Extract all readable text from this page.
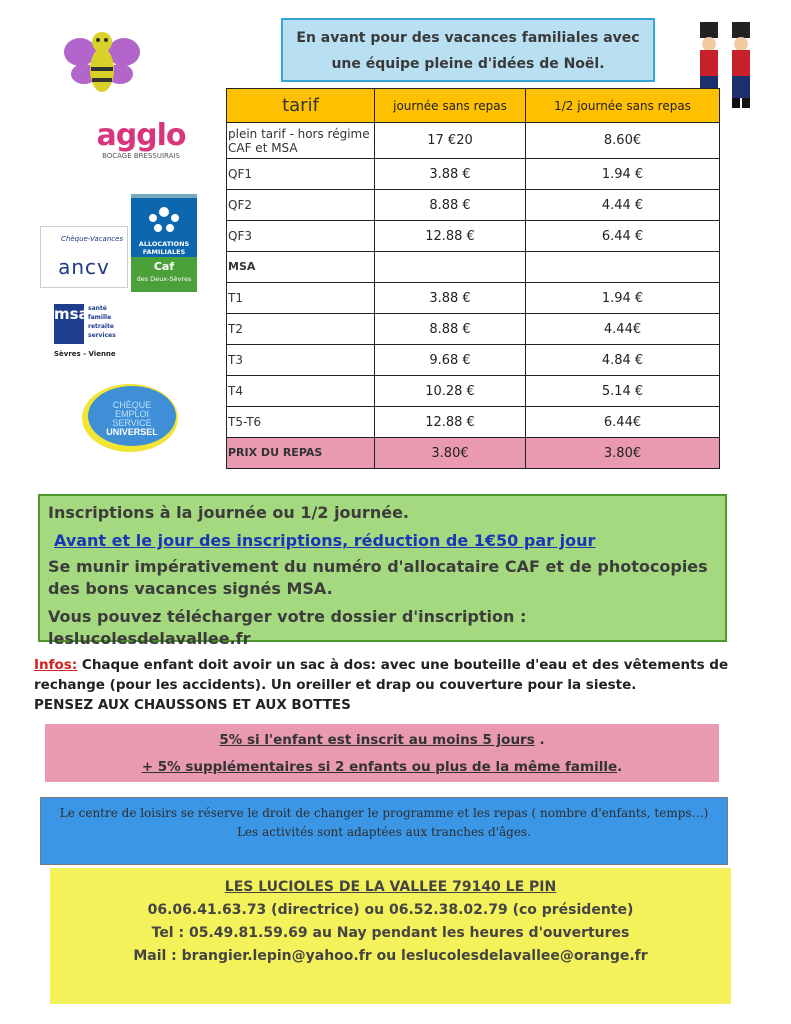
En avant pour des vacances familiales avec
une équipe pleine d'idées de Noël.
agglo
BOCAGE BRESSUIRAIS
ALLOCATIONS FAMILIALES
Caf
des Deux-Sèvres
Chèque-Vacances
ancv
msa santé
famille
retraite
services
Sèvres - Vienne
CHÈQUE
EMPLOI
SERVICE
UNIVERSEL
tarif	journée sans repas	1/2 journée sans repas
plein tarif - hors régime CAF et MSA	17 €20	8.60€
QF1	3.88 €	1.94 €
QF2	8.88 €	4.44 €
QF3	12.88 €	6.44 €
MSA		
T1	3.88 €	1.94 €
T2	8.88 €	4.44€
T3	9.68 €	4.84 €
T4	10.28 €	5.14 €
T5-T6	12.88 €	6.44€
PRIX DU REPAS	3.80€	3.80€

Inscriptions à la journée ou 1/2 journée.

Avant et le jour des inscriptions, réduction de 1€50 par jour

Se munir impérativement du numéro d'allocataire CAF et de photocopies des bons vacances signés MSA.

Vous pouvez télécharger votre dossier d'inscription : leslucolesdelavallee.fr

Infos: Chaque enfant doit avoir un sac à dos: avec une bouteille d'eau et des vêtements de rechange (pour les accidents). Un oreiller et drap ou couverture pour la sieste.
PENSEZ AUX CHAUSSONS ET AUX BOTTES
5% si l'enfant est inscrit au moins 5 jours .
+ 5% supplémentaires si 2 enfants ou plus de la même famille.
Le centre de loisirs se réserve le droit de changer le programme et les repas ( nombre d'enfants, temps…) Les activités sont adaptées aux tranches d'âges.
LES LUCIOLES DE LA VALLEE 79140 LE PIN
06.06.41.63.73 (directrice) ou 06.52.38.02.79 (co présidente)
Tel : 05.49.81.59.69 au Nay pendant les heures d'ouvertures
Mail : brangier.lepin@yahoo.fr ou leslucolesdelavallee@orange.fr
